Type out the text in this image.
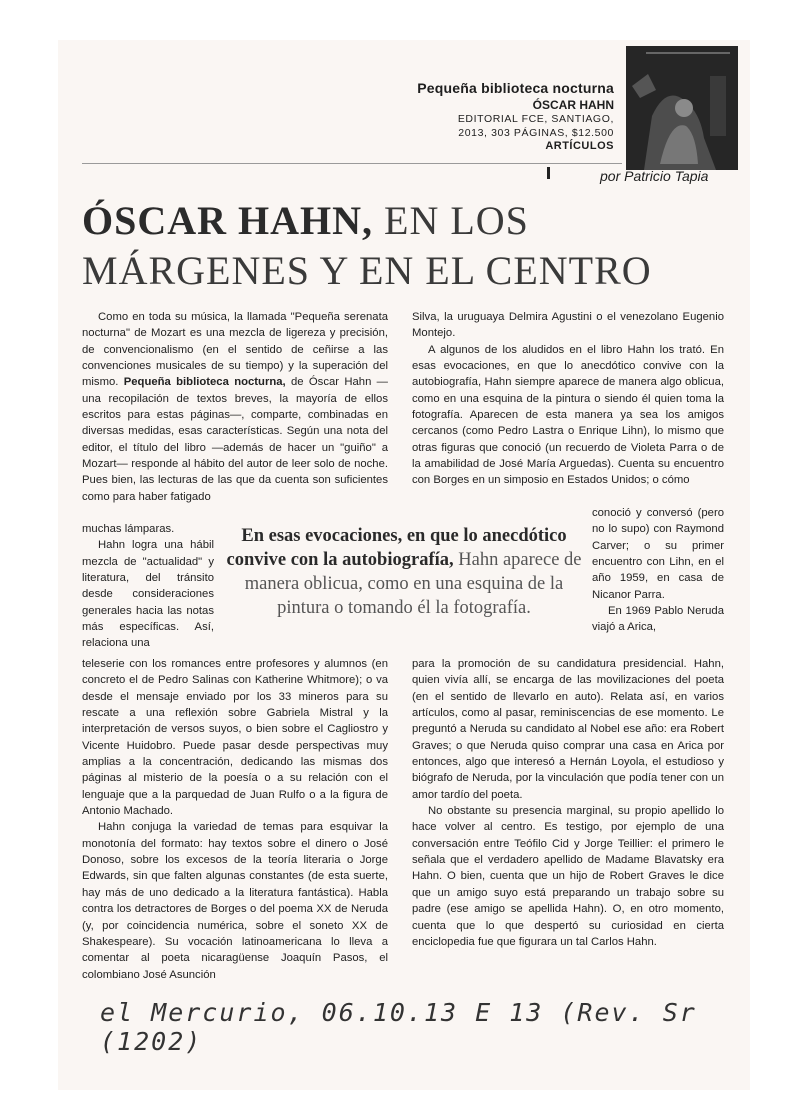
Pequeña biblioteca nocturna
ÓSCAR HAHN
EDITORIAL FCE, SANTIAGO,
2013, 303 PÁGINAS, $12.500
ARTÍCULOS
por Patricio Tapia
ÓSCAR HAHN, EN LOS MÁRGENES Y EN EL CENTRO

Como en toda su música, la llamada "Pequeña serenata nocturna" de Mozart es una mezcla de ligereza y precisión, de convencionalismo (en el sentido de ceñirse a las convenciones musicales de su tiempo) y la superación del mismo. Pequeña biblioteca nocturna, de Óscar Hahn —una recopilación de textos breves, la mayoría de ellos escritos para estas páginas—, comparte, combinadas en diversas medidas, esas características. Según una nota del editor, el título del libro —además de hacer un "guiño" a Mozart— responde al hábito del autor de leer solo de noche. Pues bien, las lecturas de las que da cuenta son suficientes como para haber fatigado

muchas lámparas.

Hahn logra una hábil mezcla de "actualidad" y literatura, del tránsito desde consideraciones generales hacia las notas más específicas. Así, relaciona una

teleserie con los romances entre profesores y alumnos (en concreto el de Pedro Salinas con Katherine Whitmore); o va desde el mensaje enviado por los 33 mineros para su rescate a una reflexión sobre Gabriela Mistral y la interpretación de versos suyos, o bien sobre el Cagliostro y Vicente Huidobro. Puede pasar desde perspectivas muy amplias a la concentración, dedicando las mismas dos páginas al misterio de la poesía o a su relación con el lenguaje que a la parquedad de Juan Rulfo o a la figura de Antonio Machado.

Hahn conjuga la variedad de temas para esquivar la monotonía del formato: hay textos sobre el dinero o José Donoso, sobre los excesos de la teoría literaria o Jorge Edwards, sin que falten algunas constantes (de esta suerte, hay más de uno dedicado a la literatura fantástica). Habla contra los detractores de Borges o del poema XX de Neruda (y, por coincidencia numérica, sobre el soneto XX de Shakespeare). Su vocación latinoamericana lo lleva a comentar al poeta nicaragüense Joaquín Pasos, el colombiano José Asunción

Silva, la uruguaya Delmira Agustini o el venezolano Eugenio Montejo.

A algunos de los aludidos en el libro Hahn los trató. En esas evocaciones, en que lo anecdótico convive con la autobiografía, Hahn siempre aparece de manera algo oblicua, como en una esquina de la pintura o siendo él quien toma la fotografía. Aparecen de esta manera ya sea los amigos cercanos (como Pedro Lastra o Enrique Lihn), lo mismo que otras figuras que conoció (un recuerdo de Violeta Parra o de la amabilidad de José María Arguedas). Cuenta su encuentro con Borges en un simposio en Estados Unidos; o cómo

conoció y conversó (pero no lo supo) con Raymond Carver; o su primer encuentro con Lihn, en el año 1959, en casa de Nicanor Parra.

En 1969 Pablo Neruda viajó a Arica,

para la promoción de su candidatura presidencial. Hahn, quien vivía allí, se encarga de las movilizaciones del poeta (en el sentido de llevarlo en auto). Relata así, en varios artículos, como al pasar, reminiscencias de ese momento. Le preguntó a Neruda su candidato al Nobel ese año: era Robert Graves; o que Neruda quiso comprar una casa en Arica por entonces, algo que interesó a Hernán Loyola, el estudioso y biógrafo de Neruda, por la vinculación que podía tener con un amor tardío del poeta.

No obstante su presencia marginal, su propio apellido lo hace volver al centro. Es testigo, por ejemplo de una conversación entre Teófilo Cid y Jorge Teillier: el primero le señala que el verdadero apellido de Madame Blavatsky era Hahn. O bien, cuenta que un hijo de Robert Graves le dice que un amigo suyo está preparando un trabajo sobre su padre (ese amigo se apellida Hahn). O, en otro momento, cuenta que lo que despertó su curiosidad en cierta enciclopedia fue que figurara un tal Carlos Hahn.

En esas evocaciones, en que lo anecdótico convive con la autobiografía, Hahn aparece de manera oblicua, como en una esquina de la pintura o tomando él la fotografía.
el Mercurio, 06.10.13 E 13 (Rev. Sr (1202)
